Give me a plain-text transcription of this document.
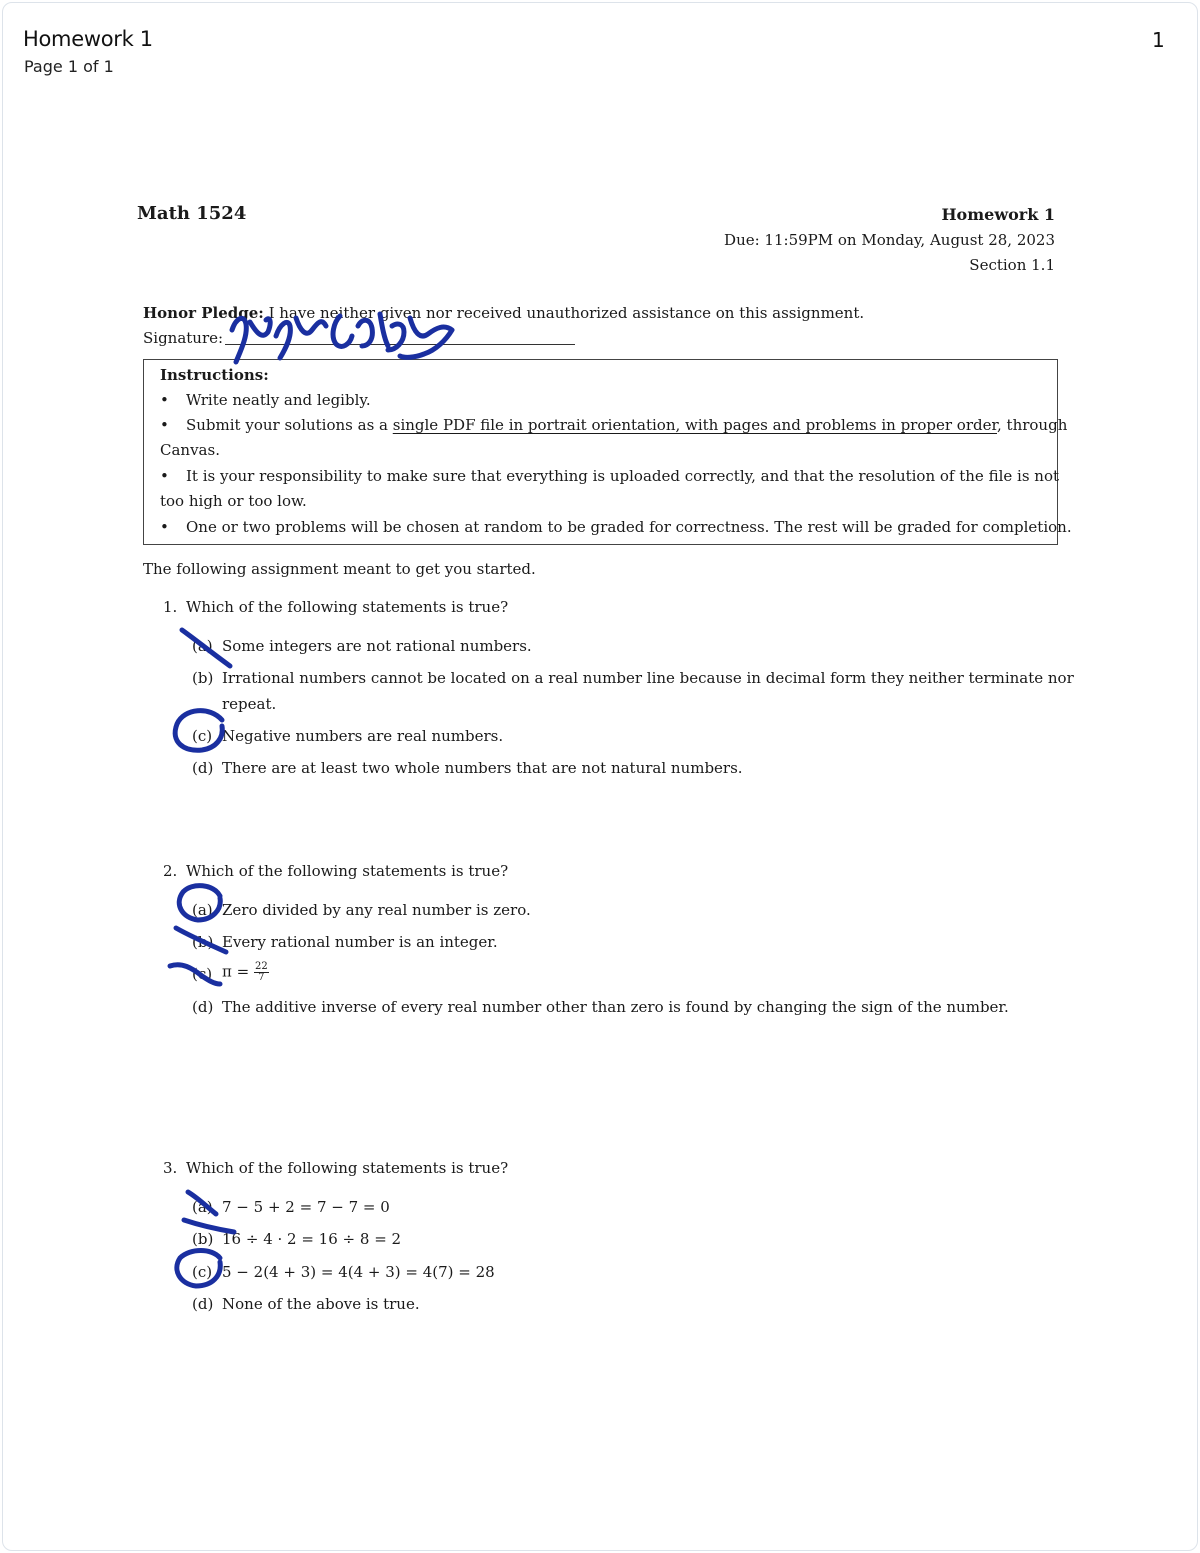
Homework 1
Page 1 of 1
1
Math 1524	Homework 1
Due: 11:59PM on Monday, August 28, 2023
Section 1.1
Honor Pledge: I have neither given nor received unauthorized assistance on this assignment.
Signature:
Instructions:
• Write neatly and legibly.
• Submit your solutions as a single PDF file in portrait orientation, with pages and problems in proper order, through
Canvas.
• It is your responsibility to make sure that everything is uploaded correctly, and that the resolution of the file is not
too high or too low.
• One or two problems will be chosen at random to be graded for correctness. The rest will be graded for completion.
The following assignment meant to get you started.
1. Which of the following statements is true?
(a) Some integers are not rational numbers.
(b) Irrational numbers cannot be located on a real number line because in decimal form they neither terminate nor
repeat.
(c) Negative numbers are real numbers.
(d) There are at least two whole numbers that are not natural numbers.
2. Which of the following statements is true?
(a) Zero divided by any real number is zero.
(b) Every rational number is an integer.
(c) $\pi = \frac{22}{7}$
(d) The additive inverse of every real number other than zero is found by changing the sign of the number.
3. Which of the following statements is true?
(a) 7 − 5 + 2 = 7 − 7 = 0
(b) 16 ÷ 4 · 2 = 16 ÷ 8 = 2
(c) 5 − 2(4 + 3) = 4(4 + 3) = 4(7) = 28
(d) None of the above is true.
